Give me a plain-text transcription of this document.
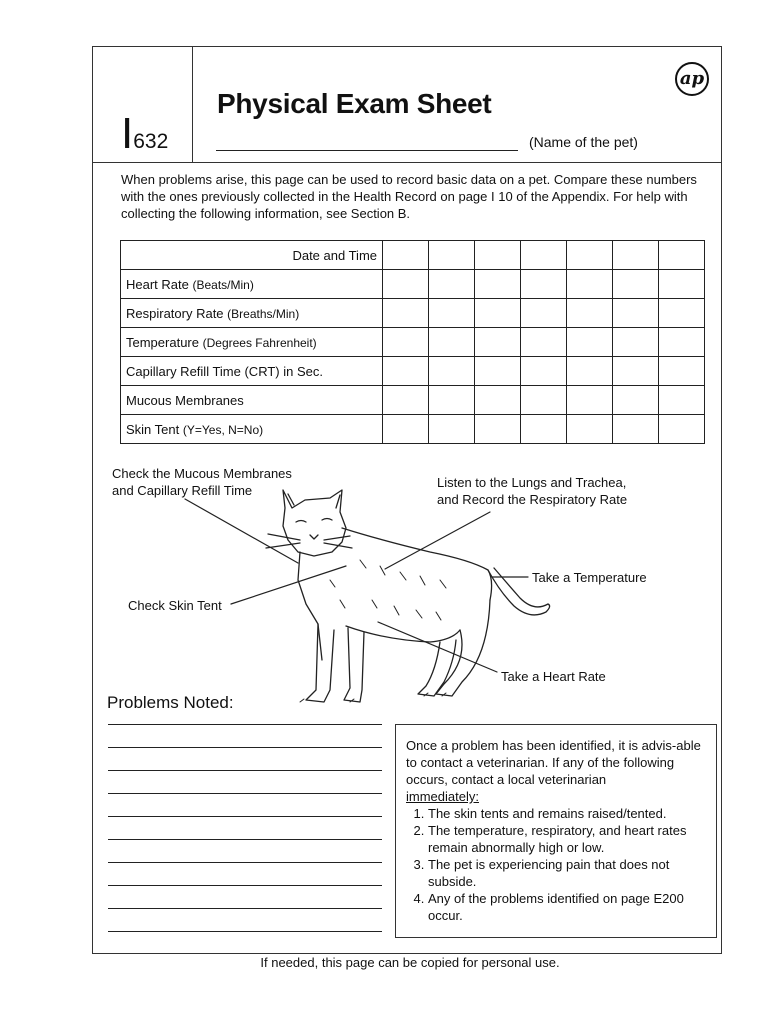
I632
Physical Exam Sheet
(Name of the pet)
ap

When problems arise, this page can be used to record basic data on a pet. Compare these numbers with the ones previously collected in the Health Record on page I 10 of the Appendix. For help with collecting the following information, see Section B.

Date and Time							
Heart Rate (Beats/Min)							
Respiratory Rate (Breaths/Min)							
Temperature (Degrees Fahrenheit)							
Capillary Refill Time (CRT) in Sec.							
Mucous Membranes							
Skin Tent (Y=Yes, N=No)							
Check the Mucous Membranes
and Capillary Refill Time
Listen to the Lungs and Trachea,
and Record the Respiratory Rate
Take a Temperature
Check Skin Tent
Take a Heart Rate
Problems Noted:

Once a problem has been identified, it is advis-able to contact a veterinarian. If any of the following occurs, contact a local veterinarian
immediately:

1. The skin tents and remains raised/tented.
2. The temperature, respiratory, and heart rates remain abnormally high or low.
3. The pet is experiencing pain that does not subside.
4. Any of the problems identified on page E200 occur.
If needed, this page can be copied for personal use.
